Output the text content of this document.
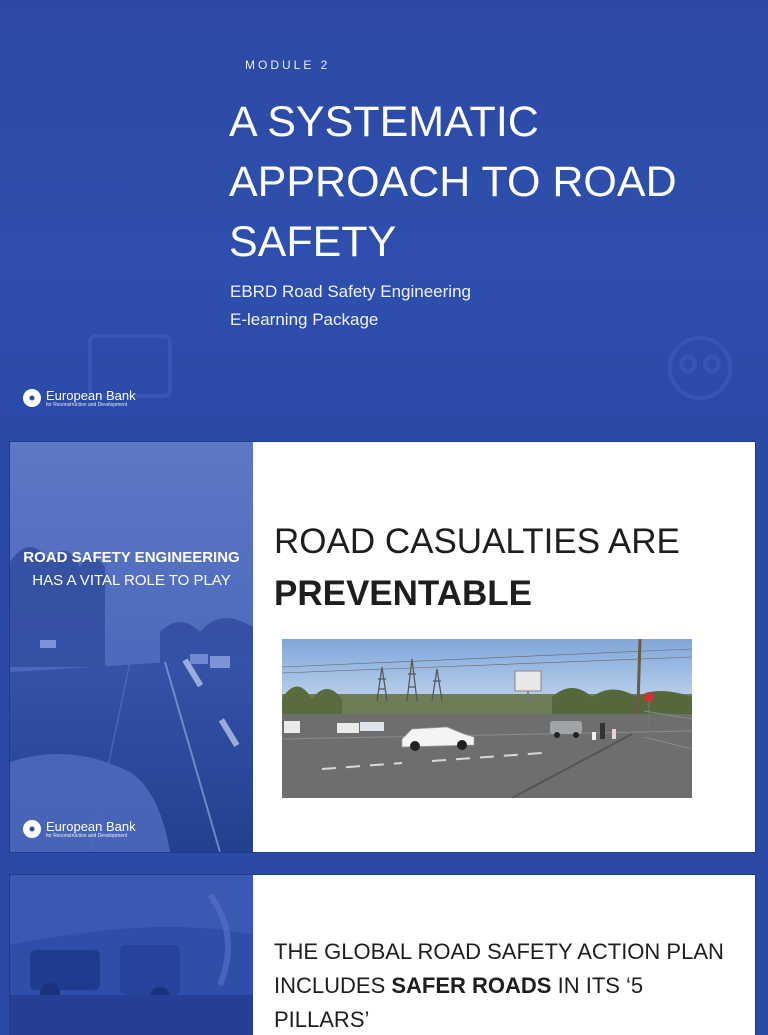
MODULE 2
A SYSTEMATIC APPROACH TO ROAD SAFETY
EBRD Road Safety Engineering
E-learning Package
European Bank
for Reconstruction and Development
ROAD SAFETY ENGINEERING
HAS A VITAL ROLE TO PLAY
European Bank
for Reconstruction and Development
ROAD CASUALTIES ARE
PREVENTABLE
THE GLOBAL ROAD SAFETY ACTION PLAN INCLUDES SAFER ROADS IN ITS ‘5 PILLARS’
